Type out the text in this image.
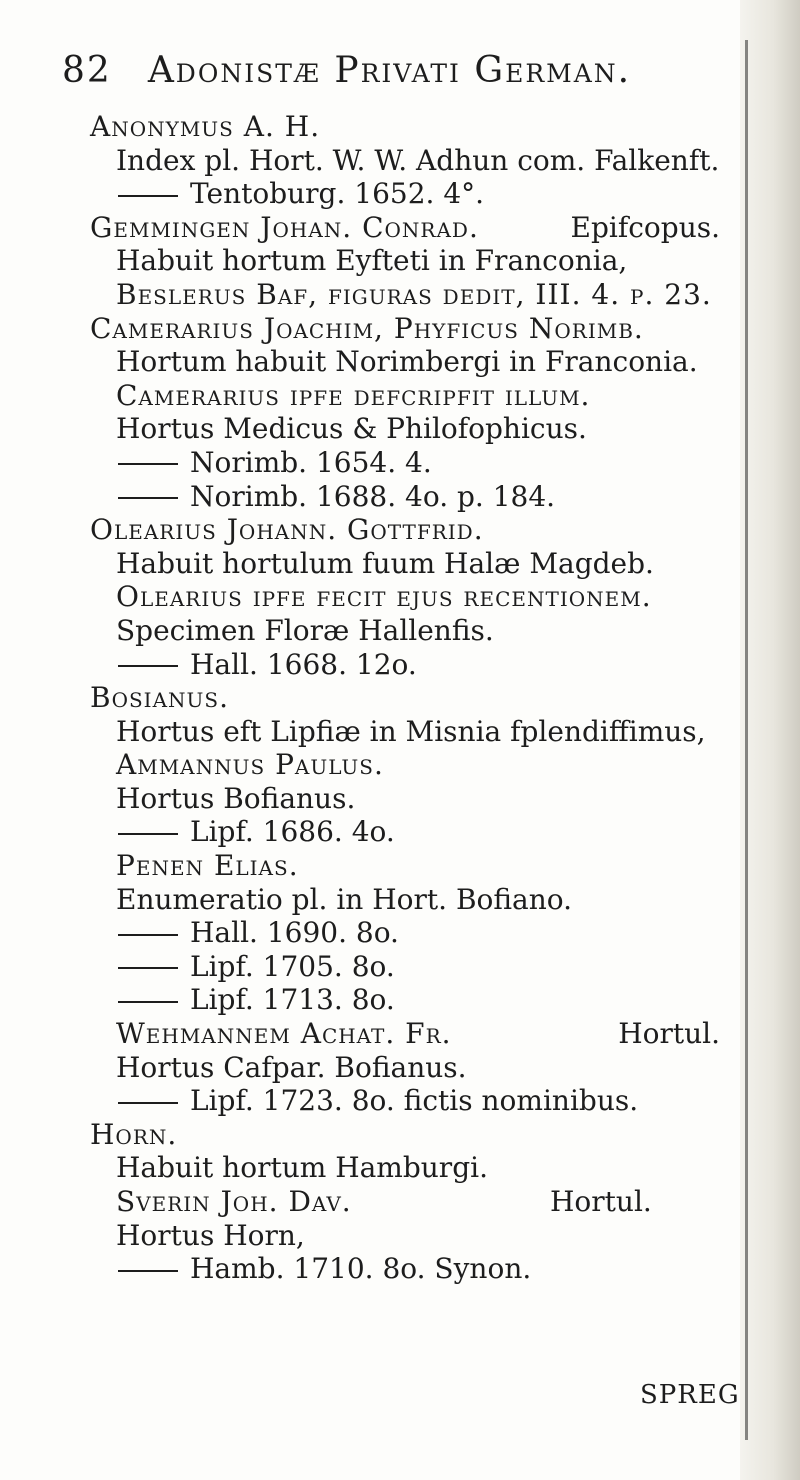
82 Adonistæ Privati German.
Anonymus A. H.
Index pl. Hort. W. W. Adhun com. Falkenft.
Tentoburg. 1652. 4°.
Gemmingen Johan. Conrad.	Epifcopus.
Habuit hortum Eyfteti in Franconia,
Beslerus Baf, figuras dedit, III. 4. p. 23.
Camerarius Joachim, Phyficus Norimb.
Hortum habuit Norimbergi in Franconia.
Camerarius ipfe defcripfit illum.
Hortus Medicus & Philofophicus.
Norimb. 1654. 4.
Norimb. 1688. 4o. p. 184.
Olearius Johann. Gottfrid.
Habuit hortulum fuum Halæ Magdeb.
Olearius ipfe fecit ejus recentionem.
Specimen Floræ Hallenfis.
Hall. 1668. 12o.
Bosianus.
Hortus eft Lipfiæ in Misnia fplendiffimus,
Ammannus Paulus.
Hortus Bofianus.
Lipf. 1686. 4o.
Penen Elias.
Enumeratio pl. in Hort. Bofiano.
Hall. 1690. 8o.
Lipf. 1705. 8o.
Lipf. 1713. 8o.
Wehmannem Achat. Fr.	Hortul.
Hortus Cafpar. Bofianus.
Lipf. 1723. 8o. fictis nominibus.
Horn.
Habuit hortum Hamburgi.
Sverin Joh. Dav.	Hortul.
Hortus Horn,
Hamb. 1710. 8o. Synon.
SPREG
